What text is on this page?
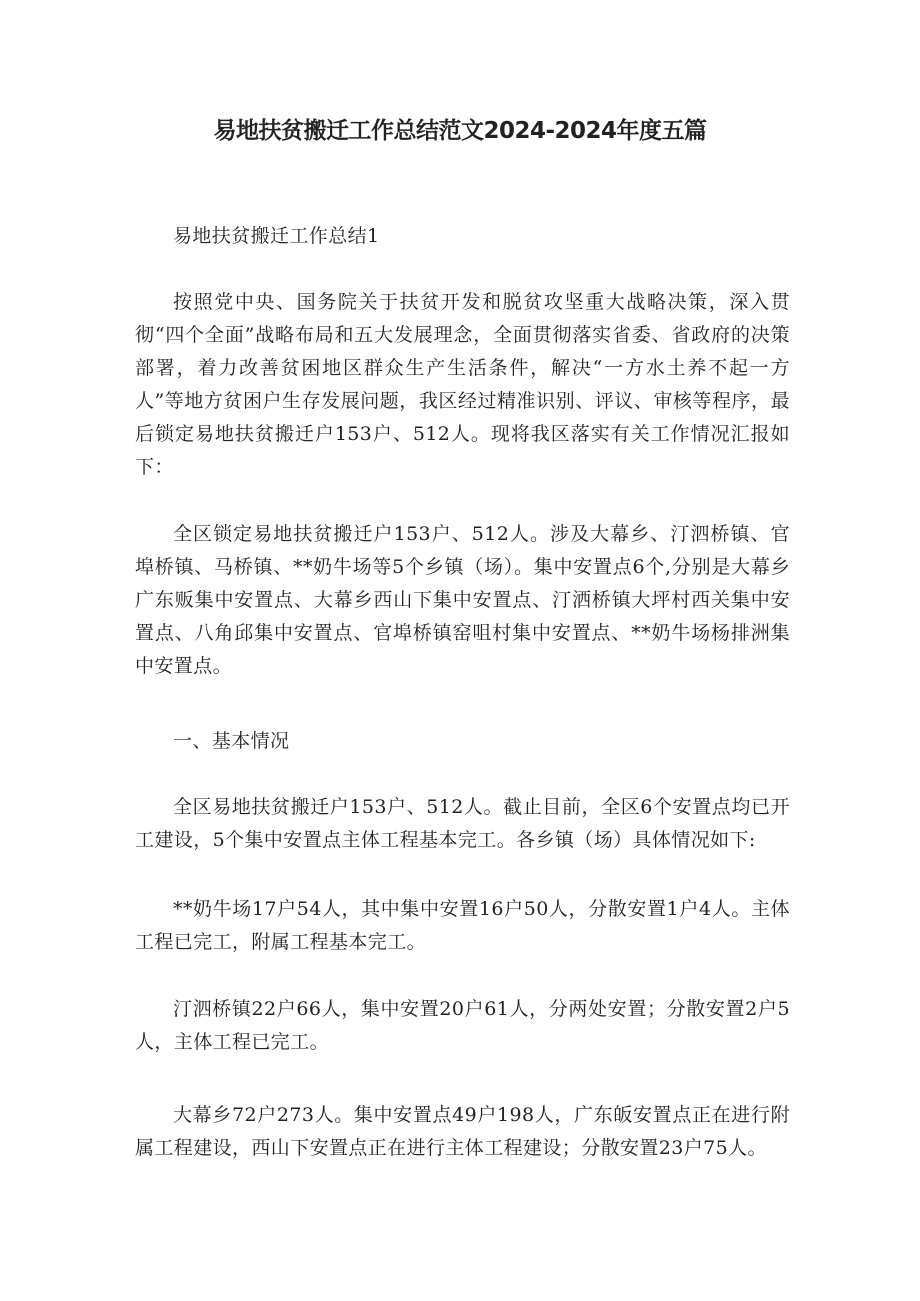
易地扶贫搬迁工作总结范文2024-2024年度五篇

易地扶贫搬迁工作总结1

按照党中央、国务院关于扶贫开发和脱贫攻坚重大战略决策，深入贯彻“四个全面”战略布局和五大发展理念，全面贯彻落实省委、省政府的决策部署，着力改善贫困地区群众生产生活条件，解决“一方水土养不起一方人”等地方贫困户生存发展问题，我区经过精准识别、评议、审核等程序，最后锁定易地扶贫搬迁户153户、512人。现将我区落实有关工作情况汇报如下：

全区锁定易地扶贫搬迁户153户、512人。涉及大幕乡、汀泗桥镇、官埠桥镇、马桥镇、**奶牛场等5个乡镇（场）。集中安置点6个,分别是大幕乡广东贩集中安置点、大幕乡西山下集中安置点、汀洒桥镇大坪村西关集中安置点、八角邱集中安置点、官埠桥镇窑咀村集中安置点、**奶牛场杨排洲集中安置点。

一、基本情况

全区易地扶贫搬迁户153户、512人。截止目前，全区6个安置点均已开工建设，5个集中安置点主体工程基本完工。各乡镇（场）具体情况如下:

**奶牛场17户54人，其中集中安置16户50人，分散安置1户4人。主体工程已完工，附属工程基本完工。

汀泗桥镇22户66人，集中安置20户61人，分两处安置；分散安置2户5人，主体工程已完工。

大幕乡72户273人。集中安置点49户198人，广东皈安置点正在进行附属工程建设，西山下安置点正在进行主体工程建设；分散安置23户75人。
